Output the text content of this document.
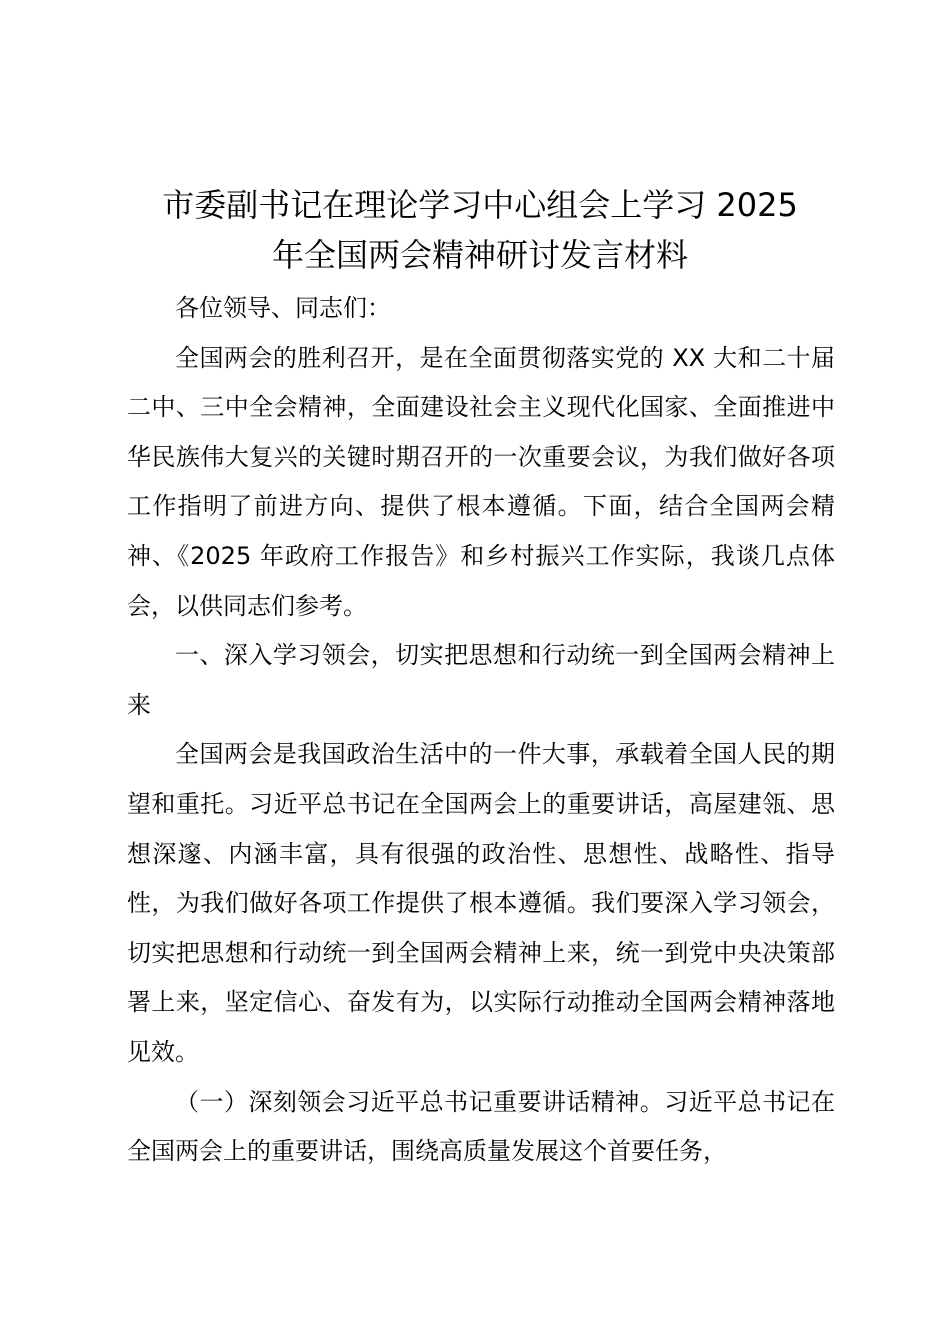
市委副书记在理论学习中心组会上学习 2025
年全国两会精神研讨发言材料

各位领导、同志们：

全国两会的胜利召开，是在全面贯彻落实党的 XX 大和二十届二中、三中全会精神，全面建设社会主义现代化国家、全面推进中华民族伟大复兴的关键时期召开的一次重要会议，为我们做好各项工作指明了前进方向、提供了根本遵循。下面，结合全国两会精神、《2025 年政府工作报告》和乡村振兴工作实际，我谈几点体会，以供同志们参考。

一、深入学习领会，切实把思想和行动统一到全国两会精神上来

全国两会是我国政治生活中的一件大事，承载着全国人民的期望和重托。习近平总书记在全国两会上的重要讲话，高屋建瓴、思想深邃、内涵丰富，具有很强的政治性、思想性、战略性、指导性，为我们做好各项工作提供了根本遵循。我们要深入学习领会，切实把思想和行动统一到全国两会精神上来，统一到党中央决策部署上来，坚定信心、奋发有为，以实际行动推动全国两会精神落地见效。

（一）深刻领会习近平总书记重要讲话精神。习近平总书记在全国两会上的重要讲话，围绕高质量发展这个首要任务，
